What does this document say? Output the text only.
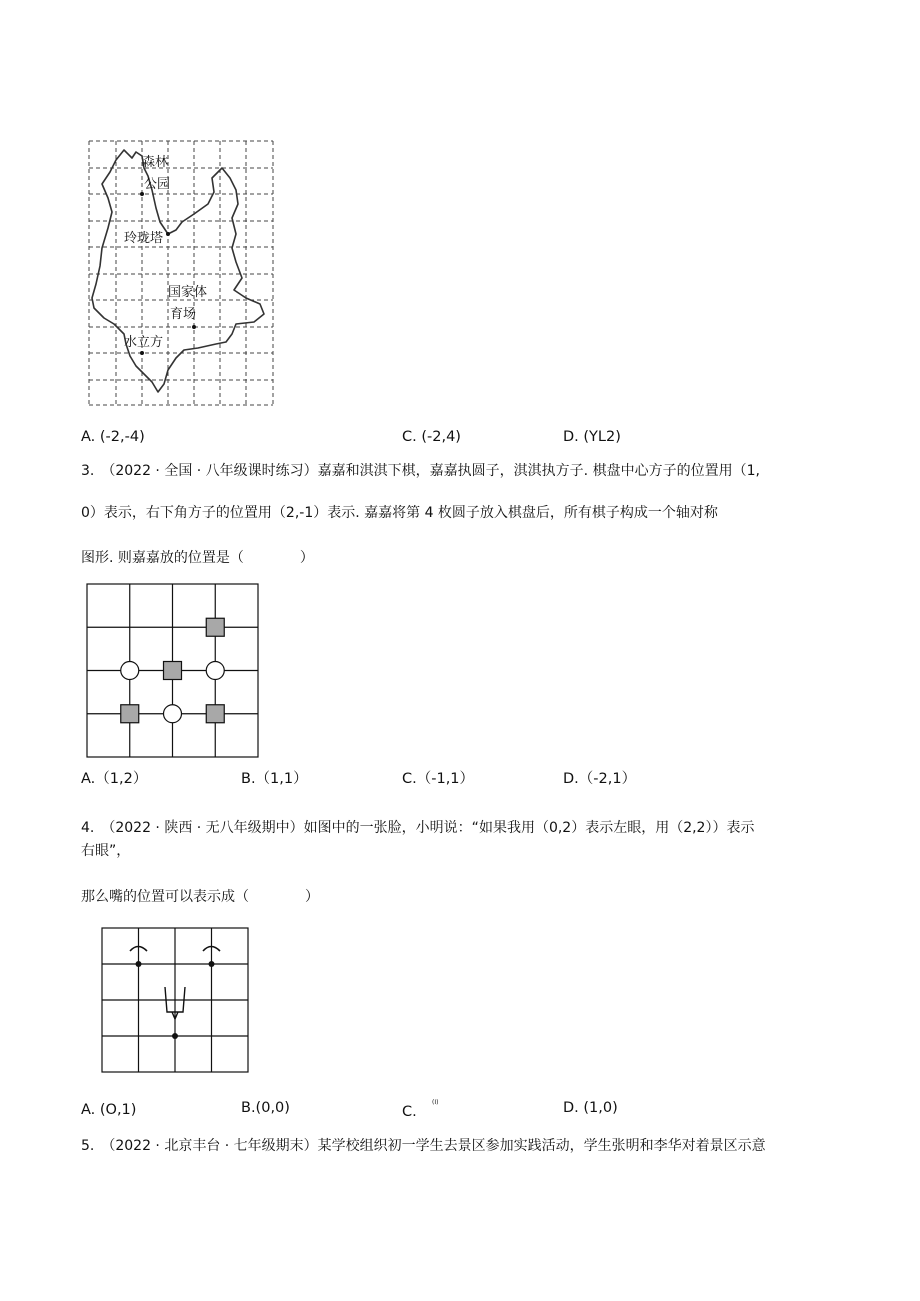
森林
公园
玲珑塔
国家体
育场
水立方
A. (-2,-4)	C. (-2,4)	D. (YL2)
3.　（2022 · 全国 · 八年级课时练习）嘉嘉和淇淇下棋，嘉嘉执圆子，淇淇执方子. 棋盘中心方子的位置用（1,
0）表示，右下角方子的位置用（2,-1）表示. 嘉嘉将第 4 枚圆子放入棋盘后，所有棋子构成一个轴对称
图形. 则嘉嘉放的位置是（　　　　）
A.（1,2）	B.（1,1）	C.（-1,1）	D.（-2,1）
4.　（2022 · 陕西 · 无八年级期中）如图中的一张脸，小明说：“如果我用（0,2）表示左眼，用（2,2））表示
右眼”，
那么嘴的位置可以表示成（　　　　）
A. (O,1)	B.(0,0)	C.
(I)	D. (1,0)
5.　（2022 · 北京丰台 · 七年级期末）某学校组织初一学生去景区参加实践活动，学生张明和李华对着景区示意
